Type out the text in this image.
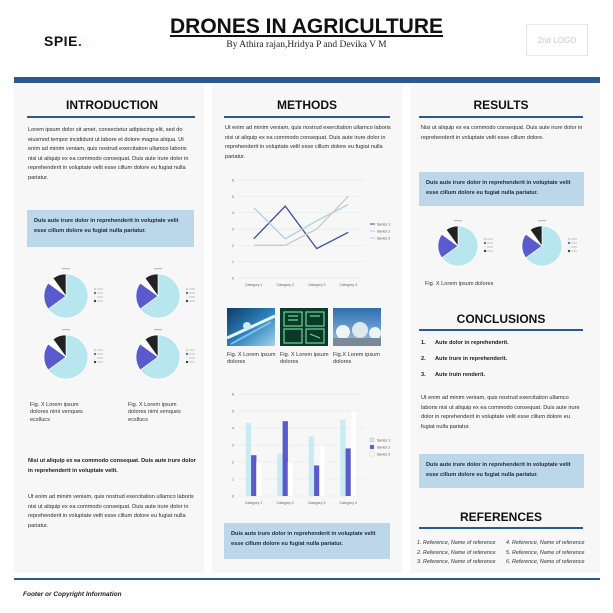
SPIE.
DRONES IN AGRICULTURE
By Athira rajan,Hridya P and Devika V M	2nd LOGO
INTRODUCTION
Lorem ipsum dolor sit amet, consectetur adipiscing elit, sed do eiusmod tempor incididunt ut labore et dolore magna aliqua. Ut enim ad minim veniam, quis nostrud exercitation ullamco laboris nisi ut aliquip ex ea commodo consequat. Duis aute irure dolor in reprehenderit in voluptate velit esse cillum dolore eu fugiat nulla pariatur.
Duis aute irure dolor in reprehenderit in voluptate velit esse cillum dolore eu fugiat nulla pariatur.
Fig. X Lorem ipsum dolores nimi venques ecsllucs
Fig. X Lorem ipsum dolores nimi venques ecsllucs
Nisi ut aliquip ex ea commodo consequat. Duis aute irure dolor in reprehenderit in voluptate velit.
Ut enim ad minim veniam, quis nostrud exercitation ullamco laboris nisi ut aliquip ex ea commodo consequat. Duis aute irure dolor in reprehenderit in voluptate velit esse cillum dolore eu fugiat nulla pariatur.
METHODS
Ut enim ad minim veniam, quis nostrud exercitation ullamco laboris nisi ut aliquip ex ea commodo consequat. Duis aute irure dolor in reprehenderit in voluptate velit esse cillum dolore eu fugiat nulla pariatur.
0
1
2
3
4
5
6
Category 1	Category 2	Category 3	Category 4
Series 1
Series 2
Series 3
Fig. X Lorem ipsum dolores
Fig. X Lorem ipsum dolores
Fig.X Lorem ipsum dolores
0
1
2
3
4
5
6
Category 1	Category 2	Category 3	Category 4
Series 1
Series 2
Series 3
Duis aute irure dolor in reprehenderit in voluptate velit esse cillum dolore eu fugiat nulla pariatur.
RESULTS
Nisi ut aliquip ex ea commodo consequat. Duis aute irure dolor in reprehenderit in voluptate velit esse cillum dolore.
Duis aute irure dolor in reprehenderit in voluptate velit esse cillum dolore eu fugiat nulla pariatur.
Fig. X Lorem ipsum dolores
CONCLUSIONS
1.	Aute dolor in reprehenderit.
2.	Aute irure in reprehenderit.
3.	Aute iruin renderit.
Ut enim ad minim veniam, quis nostrud exercitation ullamco laboris nisi ut aliquip ex ea commodo consequat. Duis aute irure dolor in reprehenderit in voluptate velit esse cillum dolore eu fugiat nulla pariatur.
Duis aute irure dolor in reprehenderit in voluptate velit esse cillum dolore eu fugiat nulla pariatur.
REFERENCES
1. Reference, Name of reference
2. Reference, Name of reference
3. Reference, Name of reference
4. Reference, Name of reference
5. Reference, Name of reference
6. Reference, Name of reference
Footer or Copyright Information
